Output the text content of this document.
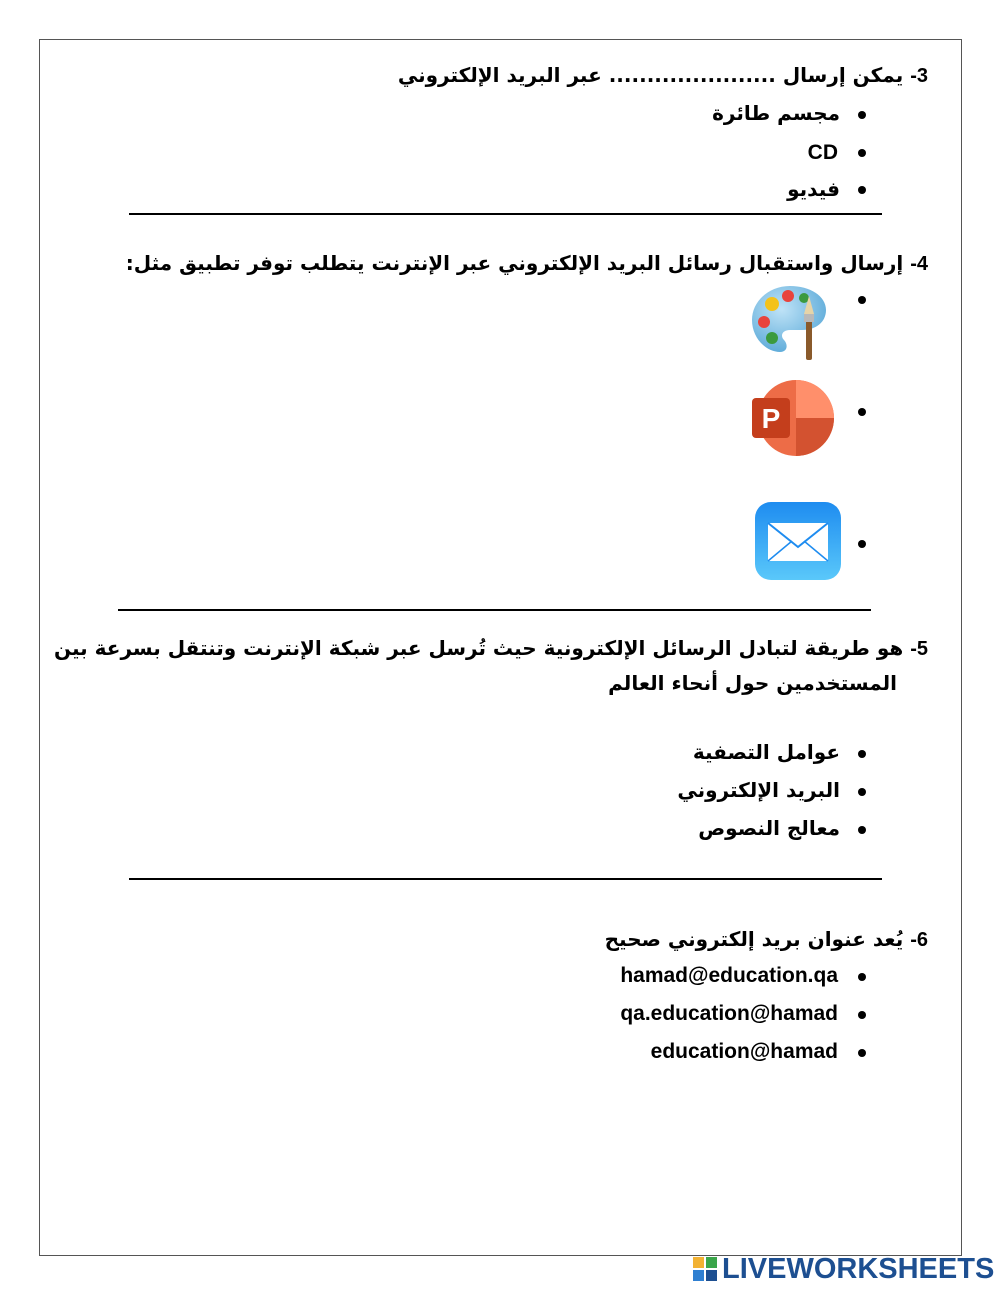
3- يمكن إرسال ...................... عبر البريد الإلكتروني
مجسم طائرة
CD
فيديو
4- إرسال واستقبال رسائل البريد الإلكتروني عبر الإنترنت يتطلب توفر تطبيق مثل:
P
5- هو طريقة لتبادل الرسائل الإلكترونية حيث تُرسل عبر شبكة الإنترنت وتنتقل بسرعة بين
المستخدمين حول أنحاء العالم
عوامل التصفية
البريد الإلكتروني
معالج النصوص
6- يُعد عنوان بريد إلكتروني صحيح
hamad@education.qa
qa.education@hamad
education@hamad
LIVEWORKSHEETS
